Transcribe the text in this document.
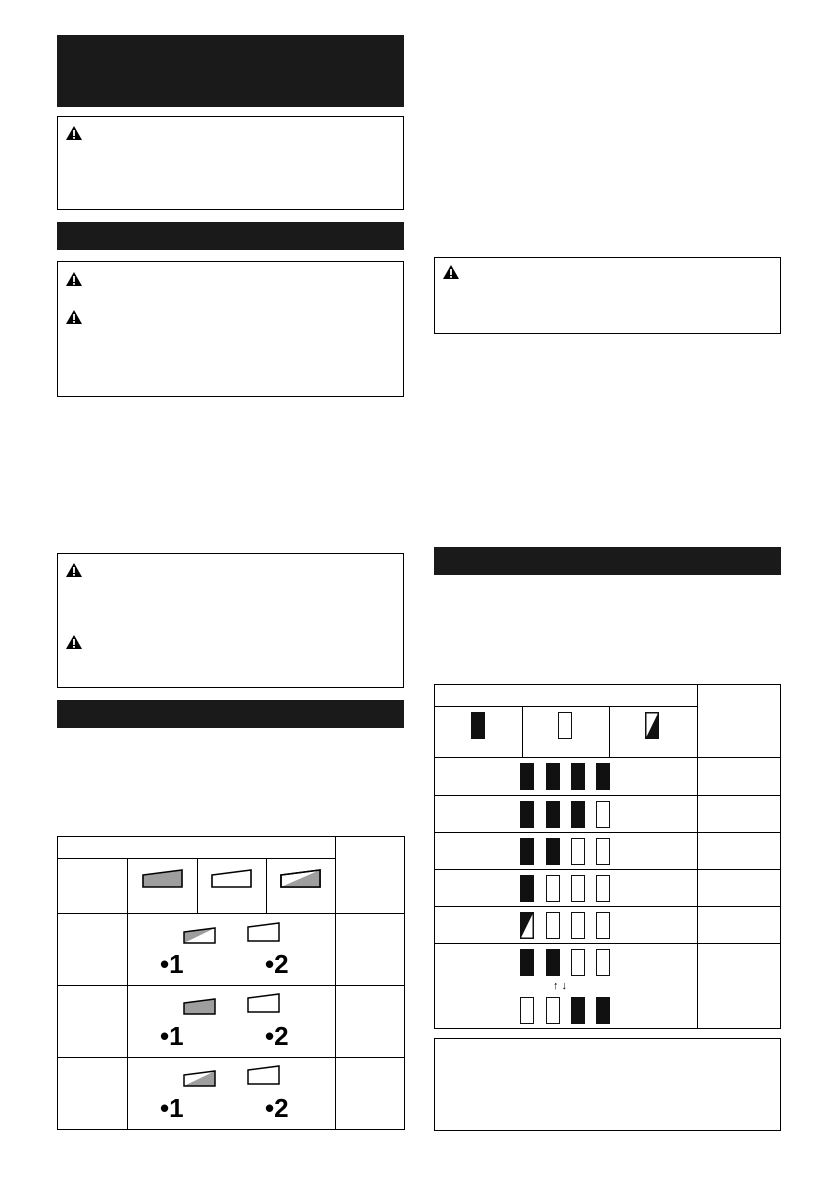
•1	•2
•1	•2
•1	•2
↑ ↓
